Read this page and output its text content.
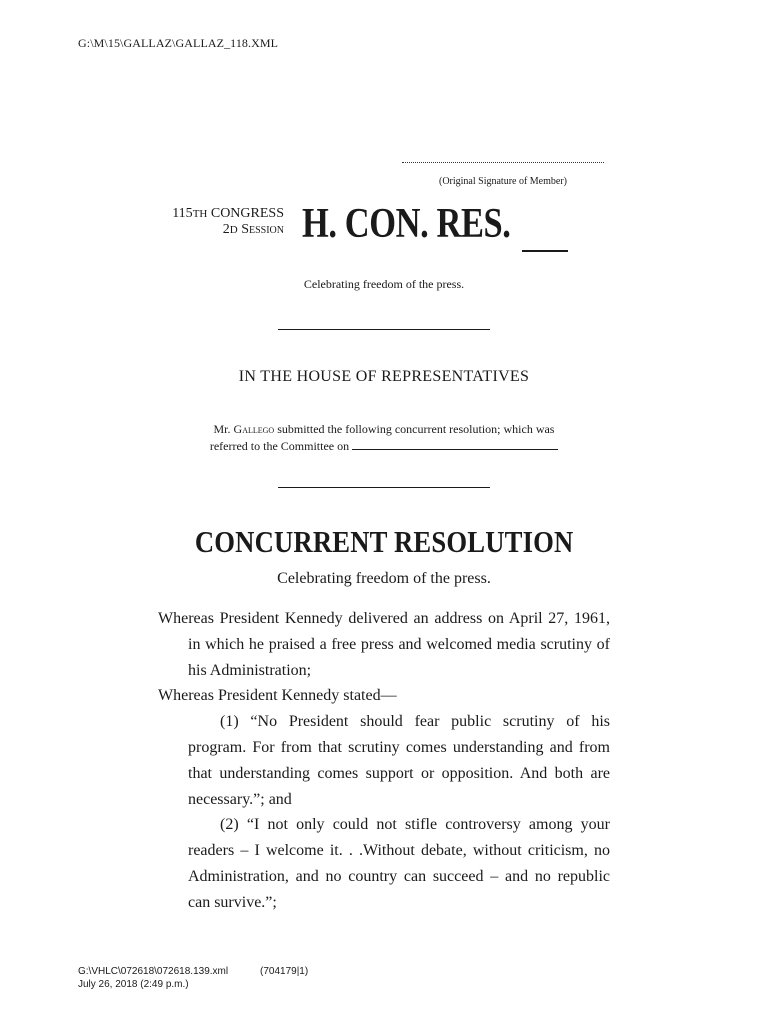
G:\M\15\GALLAZ\GALLAZ_118.XML
(Original Signature of Member)
115TH CONGRESS
2D Session H. CON. RES.
Celebrating freedom of the press.
IN THE HOUSE OF REPRESENTATIVES
Mr. Gallego submitted the following concurrent resolution; which was
referred to the Committee on
CONCURRENT RESOLUTION
Celebrating freedom of the press.

Whereas President Kennedy delivered an address on April 27, 1961, in which he praised a free press and welcomed media scrutiny of his Administration;

Whereas President Kennedy stated—

(1) “No President should fear public scrutiny of his program. For from that scrutiny comes understanding and from that understanding comes support or opposition. And both are necessary.”; and

(2) “I not only could not stifle controversy among your readers – I welcome it. . .Without debate, without criticism, no Administration, and no country can succeed – and no republic can survive.”;

G:\VHLC\072618\072618.139.xml	(704179|1)
July 26, 2018 (2:49 p.m.)
